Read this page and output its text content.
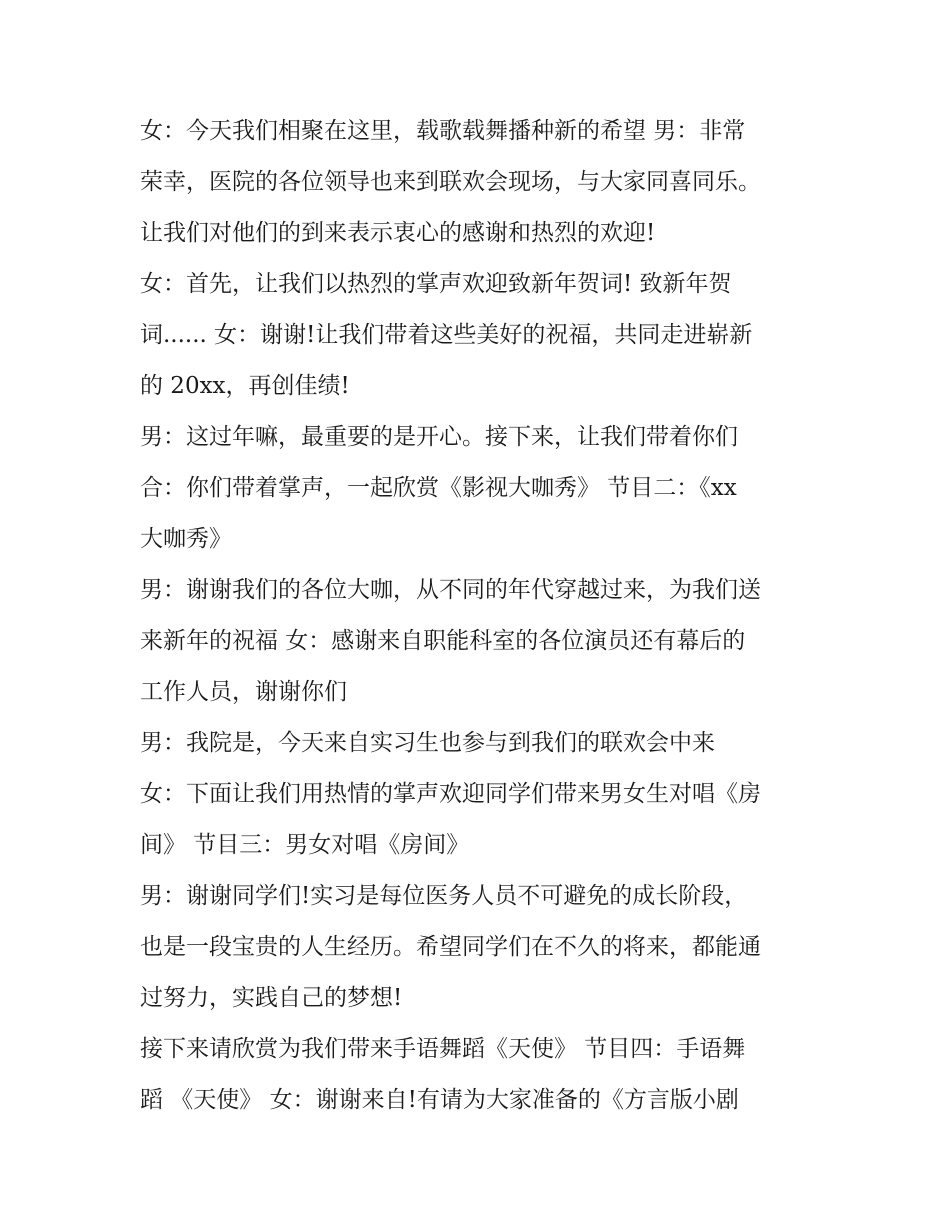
女：今天我们相聚在这里，载歌载舞播种新的希望 男：非常
荣幸，医院的各位领导也来到联欢会现场，与大家同喜同乐。
让我们对他们的到来表示衷心的感谢和热烈的欢迎!
女：首先，让我们以热烈的掌声欢迎致新年贺词! 致新年贺
词...... 女：谢谢!让我们带着这些美好的祝福，共同走进崭新
的 20xx，再创佳绩!
男：这过年嘛，最重要的是开心。接下来，让我们带着你们
合：你们带着掌声，一起欣赏《影视大咖秀》 节目二：《xx
大咖秀》
男：谢谢我们的各位大咖，从不同的年代穿越过来，为我们送
来新年的祝福 女：感谢来自职能科室的各位演员还有幕后的
工作人员，谢谢你们
男：我院是，今天来自实习生也参与到我们的联欢会中来
女：下面让我们用热情的掌声欢迎同学们带来男女生对唱《房
间》 节目三：男女对唱《房间》
男：谢谢同学们!实习是每位医务人员不可避免的成长阶段，
也是一段宝贵的人生经历。希望同学们在不久的将来，都能通
过努力，实践自己的梦想!
接下来请欣赏为我们带来手语舞蹈《天使》 节目四：手语舞
蹈 《天使》 女：谢谢来自!有请为大家准备的《方言版小剧
